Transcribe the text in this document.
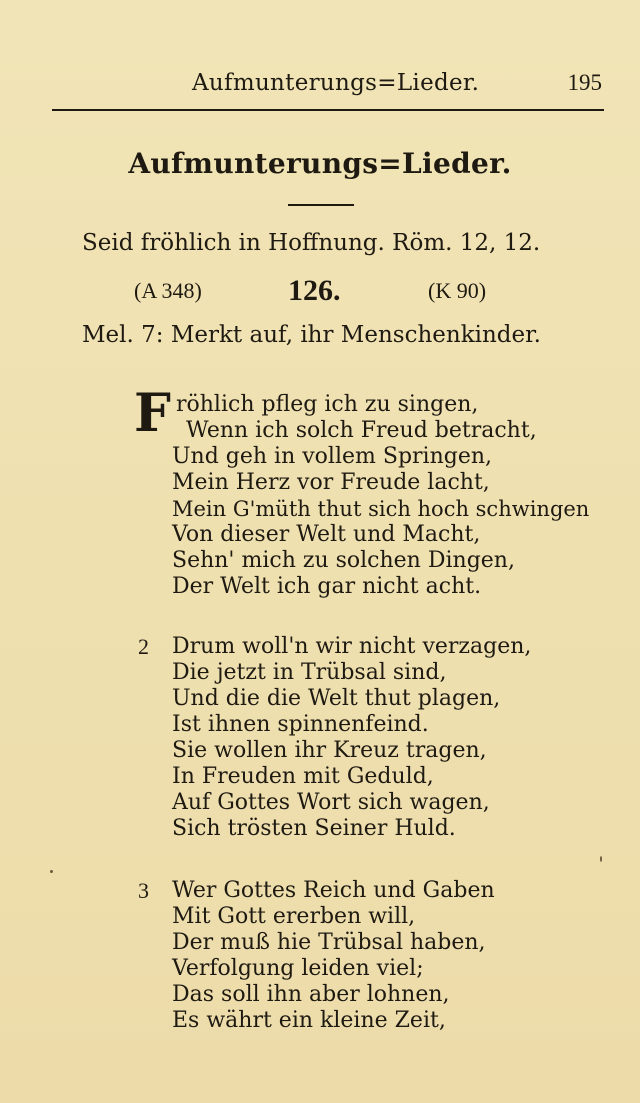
Aufmunterungs=Lieder.	195
Aufmunterungs=Lieder.
Seid fröhlich in Hoffnung. Röm. 12, 12.
(A 348)	126.	(K 90)
Mel. 7: Merkt auf, ihr Menschenkinder.
F röhlich pfleg ich zu singen,
Wenn ich solch Freud betracht,
Und geh in vollem Springen,
Mein Herz vor Freude lacht,
Mein G'müth thut sich hoch schwingen
Von dieser Welt und Macht,
Sehn' mich zu solchen Dingen,
Der Welt ich gar nicht acht.
2 Drum woll'n wir nicht verzagen,
Die jetzt in Trübsal sind,
Und die die Welt thut plagen,
Ist ihnen spinnenfeind.
Sie wollen ihr Kreuz tragen,
In Freuden mit Geduld,
Auf Gottes Wort sich wagen,
Sich trösten Seiner Huld.
3 Wer Gottes Reich und Gaben
Mit Gott ererben will,
Der muß hie Trübsal haben,
Verfolgung leiden viel;
Das soll ihn aber lohnen,
Es währt ein kleine Zeit,
